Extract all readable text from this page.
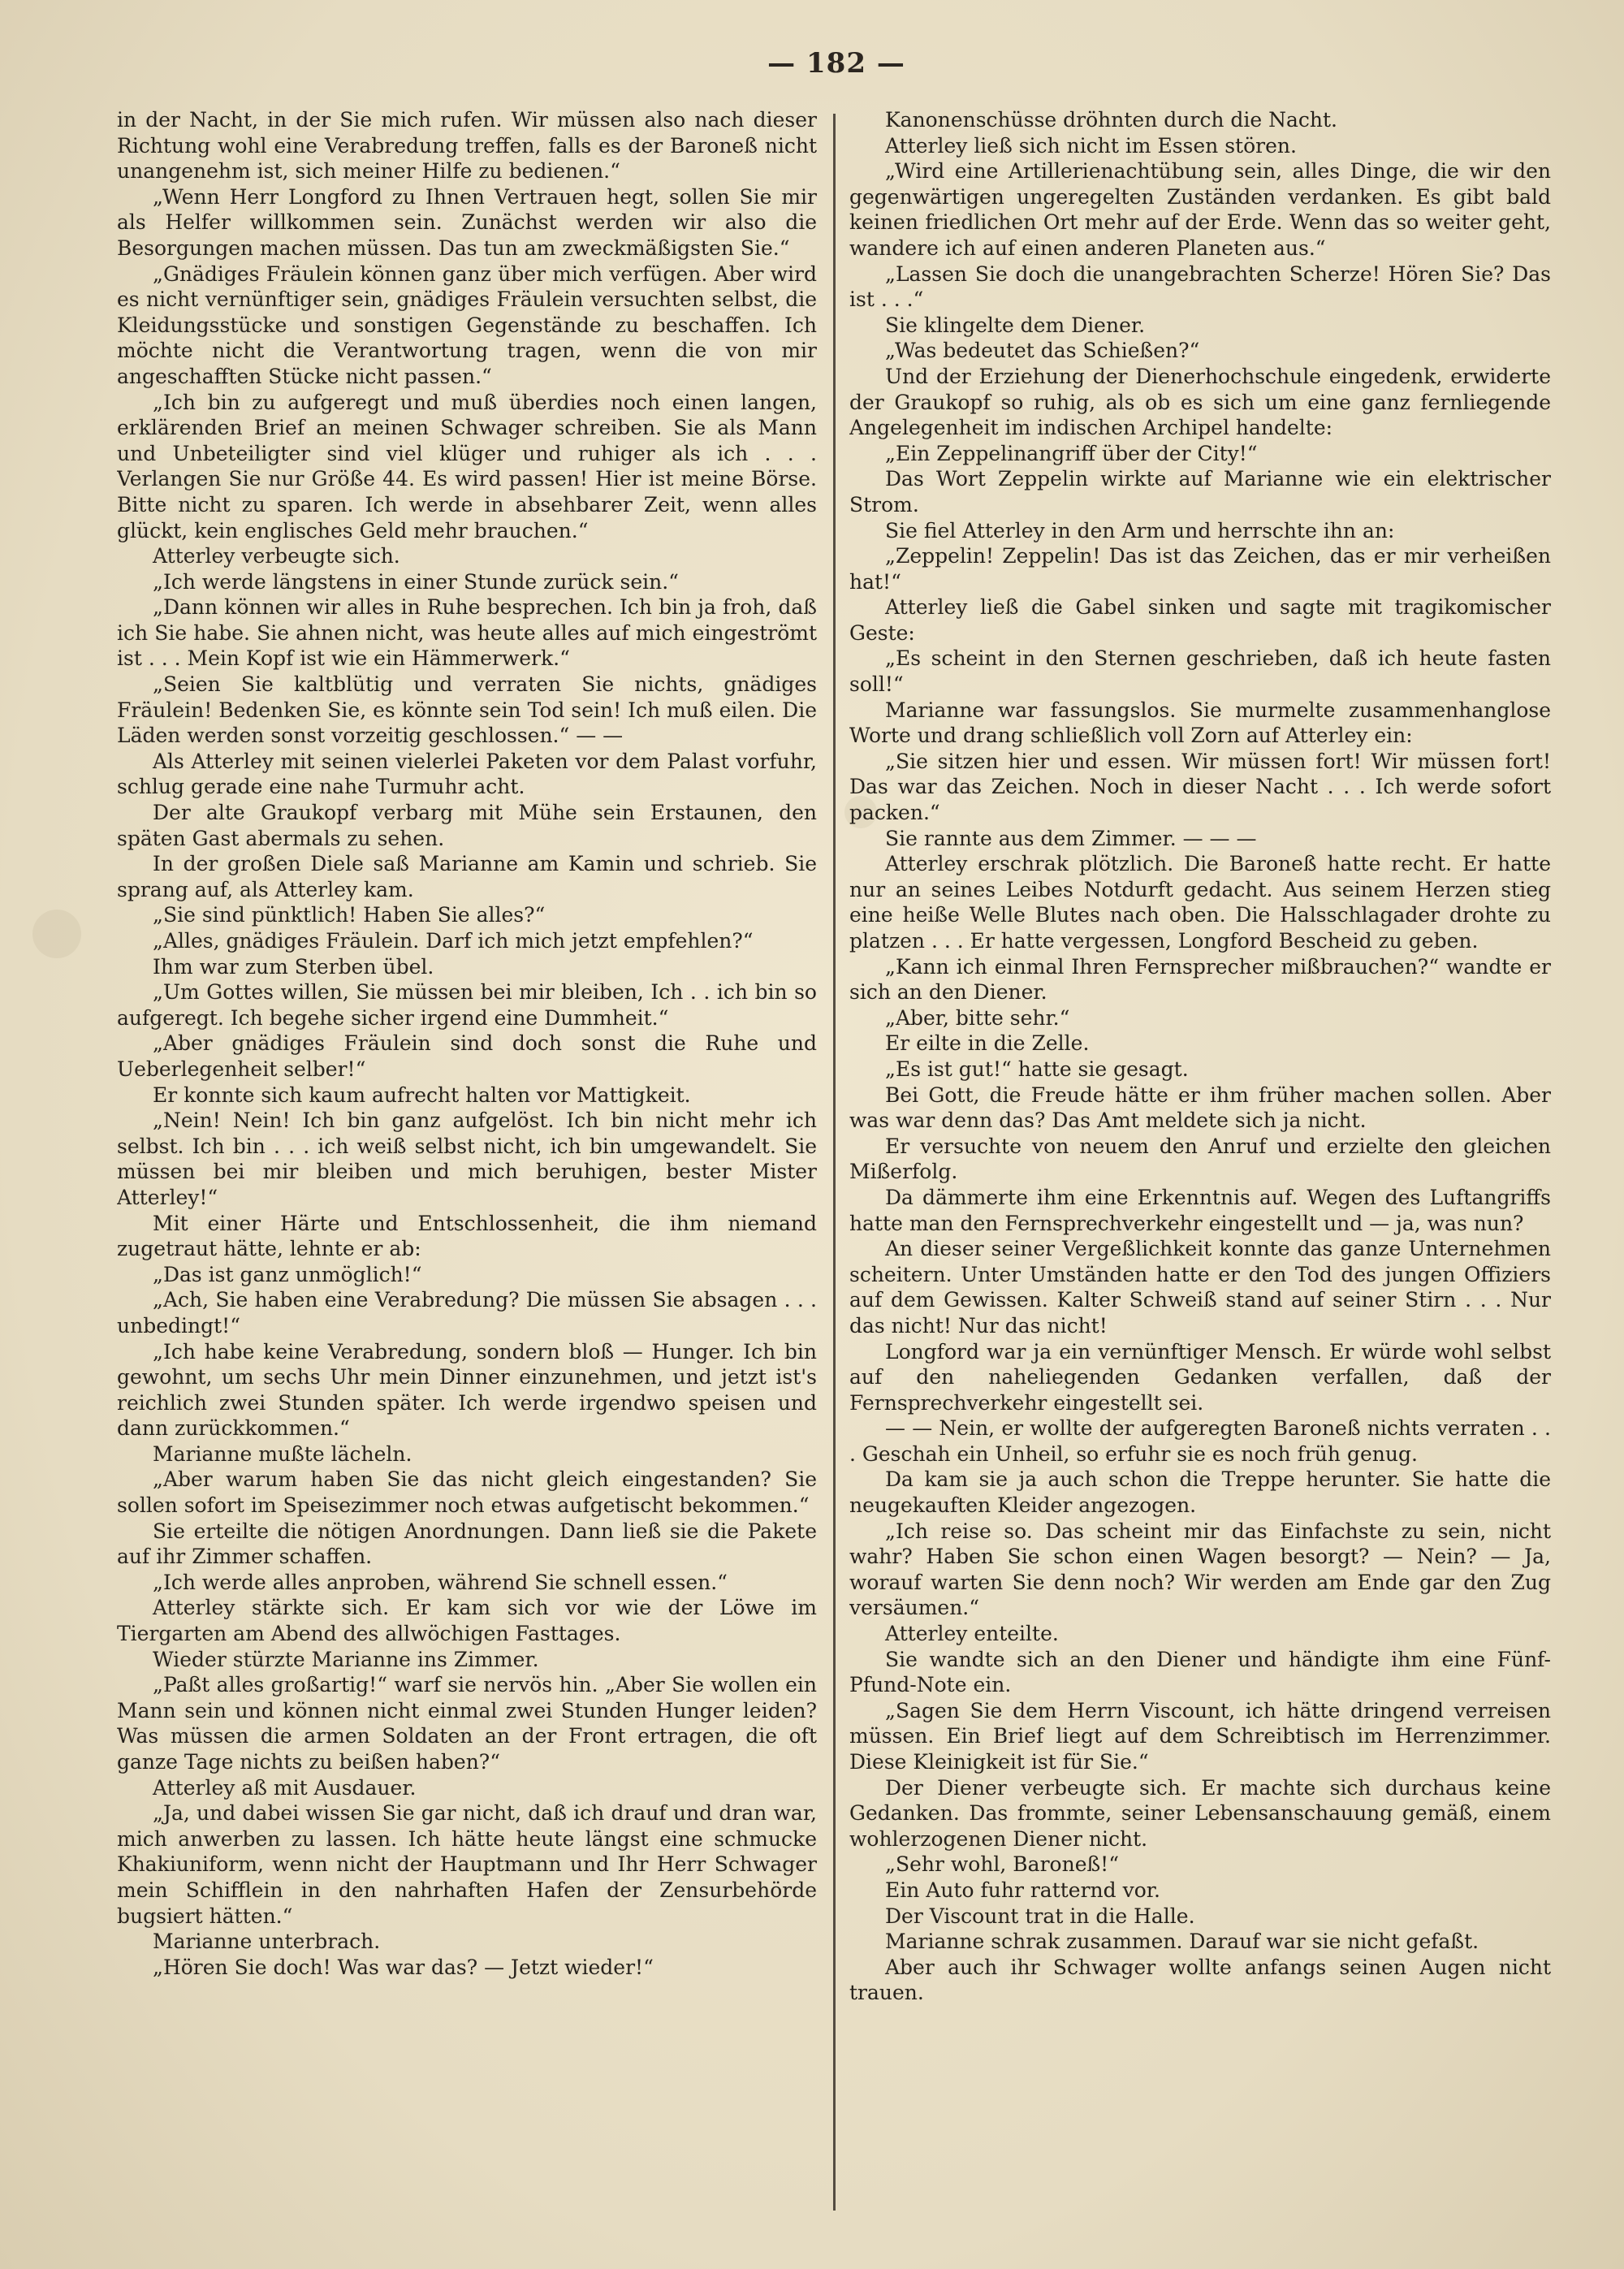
— 182 —

in der Nacht, in der Sie mich rufen. Wir müssen also nach dieser Richtung wohl eine Verabredung treffen, falls es der Baroneß nicht unangenehm ist, sich meiner Hilfe zu bedienen.“

„Wenn Herr Longford zu Ihnen Vertrauen hegt, sollen Sie mir als Helfer willkommen sein. Zunächst werden wir also die Besorgungen machen müssen. Das tun am zweckmäßigsten Sie.“

„Gnädiges Fräulein können ganz über mich verfügen. Aber wird es nicht vernünftiger sein, gnädiges Fräulein versuchten selbst, die Kleidungsstücke und sonstigen Gegenstände zu beschaffen. Ich möchte nicht die Verantwortung tragen, wenn die von mir angeschafften Stücke nicht passen.“

„Ich bin zu aufgeregt und muß überdies noch einen langen, erklärenden Brief an meinen Schwager schreiben. Sie als Mann und Unbeteiligter sind viel klüger und ruhiger als ich . . . Verlangen Sie nur Größe 44. Es wird passen! Hier ist meine Börse. Bitte nicht zu sparen. Ich werde in absehbarer Zeit, wenn alles glückt, kein englisches Geld mehr brauchen.“

Atterley verbeugte sich.

„Ich werde längstens in einer Stunde zurück sein.“

„Dann können wir alles in Ruhe besprechen. Ich bin ja froh, daß ich Sie habe. Sie ahnen nicht, was heute alles auf mich eingeströmt ist . . . Mein Kopf ist wie ein Hämmerwerk.“

„Seien Sie kaltblütig und verraten Sie nichts, gnädiges Fräulein! Bedenken Sie, es könnte sein Tod sein! Ich muß eilen. Die Läden werden sonst vorzeitig geschlossen.“ — —

Als Atterley mit seinen vielerlei Paketen vor dem Palast vorfuhr, schlug gerade eine nahe Turmuhr acht.

Der alte Graukopf verbarg mit Mühe sein Erstaunen, den späten Gast abermals zu sehen.

In der großen Diele saß Marianne am Kamin und schrieb. Sie sprang auf, als Atterley kam.

„Sie sind pünktlich! Haben Sie alles?“

„Alles, gnädiges Fräulein. Darf ich mich jetzt empfehlen?“

Ihm war zum Sterben übel.

„Um Gottes willen, Sie müssen bei mir bleiben, Ich . . ich bin so aufgeregt. Ich begehe sicher irgend eine Dummheit.“

„Aber gnädiges Fräulein sind doch sonst die Ruhe und Ueberlegenheit selber!“

Er konnte sich kaum aufrecht halten vor Mattigkeit.

„Nein! Nein! Ich bin ganz aufgelöst. Ich bin nicht mehr ich selbst. Ich bin . . . ich weiß selbst nicht, ich bin umgewandelt. Sie müssen bei mir bleiben und mich beruhigen, bester Mister Atterley!“

Mit einer Härte und Entschlossenheit, die ihm niemand zugetraut hätte, lehnte er ab:

„Das ist ganz unmöglich!“

„Ach, Sie haben eine Verabredung? Die müssen Sie absagen . . . unbedingt!“

„Ich habe keine Verabredung, sondern bloß — Hunger. Ich bin gewohnt, um sechs Uhr mein Dinner einzunehmen, und jetzt ist's reichlich zwei Stunden später. Ich werde irgendwo speisen und dann zurückkommen.“

Marianne mußte lächeln.

„Aber warum haben Sie das nicht gleich eingestanden? Sie sollen sofort im Speisezimmer noch etwas aufgetischt bekommen.“

Sie erteilte die nötigen Anordnungen. Dann ließ sie die Pakete auf ihr Zimmer schaffen.

„Ich werde alles anproben, während Sie schnell essen.“

Atterley stärkte sich. Er kam sich vor wie der Löwe im Tiergarten am Abend des allwöchigen Fasttages.

Wieder stürzte Marianne ins Zimmer.

„Paßt alles großartig!“ warf sie nervös hin. „Aber Sie wollen ein Mann sein und können nicht einmal zwei Stunden Hunger leiden? Was müssen die armen Soldaten an der Front ertragen, die oft ganze Tage nichts zu beißen haben?“

Atterley aß mit Ausdauer.

„Ja, und dabei wissen Sie gar nicht, daß ich drauf und dran war, mich anwerben zu lassen. Ich hätte heute längst eine schmucke Khakiuniform, wenn nicht der Hauptmann und Ihr Herr Schwager mein Schifflein in den nahrhaften Hafen der Zensurbehörde bugsiert hätten.“

Marianne unterbrach.

„Hören Sie doch! Was war das? — Jetzt wieder!“

Kanonenschüsse dröhnten durch die Nacht.

Atterley ließ sich nicht im Essen stören.

„Wird eine Artillerienachtübung sein, alles Dinge, die wir den gegenwärtigen ungeregelten Zuständen verdanken. Es gibt bald keinen friedlichen Ort mehr auf der Erde. Wenn das so weiter geht, wandere ich auf einen anderen Planeten aus.“

„Lassen Sie doch die unangebrachten Scherze! Hören Sie? Das ist . . .“

Sie klingelte dem Diener.

„Was bedeutet das Schießen?“

Und der Erziehung der Dienerhochschule eingedenk, erwiderte der Graukopf so ruhig, als ob es sich um eine ganz fernliegende Angelegenheit im indischen Archipel handelte:

„Ein Zeppelinangriff über der City!“

Das Wort Zeppelin wirkte auf Marianne wie ein elektrischer Strom.

Sie fiel Atterley in den Arm und herrschte ihn an:

„Zeppelin! Zeppelin! Das ist das Zeichen, das er mir verheißen hat!“

Atterley ließ die Gabel sinken und sagte mit tragikomischer Geste:

„Es scheint in den Sternen geschrieben, daß ich heute fasten soll!“

Marianne war fassungslos. Sie murmelte zusammenhanglose Worte und drang schließlich voll Zorn auf Atterley ein:

„Sie sitzen hier und essen. Wir müssen fort! Wir müssen fort! Das war das Zeichen. Noch in dieser Nacht . . . Ich werde sofort packen.“

Sie rannte aus dem Zimmer. — — —

Atterley erschrak plötzlich. Die Baroneß hatte recht. Er hatte nur an seines Leibes Notdurft gedacht. Aus seinem Herzen stieg eine heiße Welle Blutes nach oben. Die Halsschlagader drohte zu platzen . . . Er hatte vergessen, Longford Bescheid zu geben.

„Kann ich einmal Ihren Fernsprecher mißbrauchen?“ wandte er sich an den Diener.

„Aber, bitte sehr.“

Er eilte in die Zelle.

„Es ist gut!“ hatte sie gesagt.

Bei Gott, die Freude hätte er ihm früher machen sollen. Aber was war denn das? Das Amt meldete sich ja nicht.

Er versuchte von neuem den Anruf und erzielte den gleichen Mißerfolg.

Da dämmerte ihm eine Erkenntnis auf. Wegen des Luftangriffs hatte man den Fernsprechverkehr eingestellt und — ja, was nun?

An dieser seiner Vergeßlichkeit konnte das ganze Unternehmen scheitern. Unter Umständen hatte er den Tod des jungen Offiziers auf dem Gewissen. Kalter Schweiß stand auf seiner Stirn . . . Nur das nicht! Nur das nicht!

Longford war ja ein vernünftiger Mensch. Er würde wohl selbst auf den naheliegenden Gedanken verfallen, daß der Fernsprechverkehr eingestellt sei.

— — Nein, er wollte der aufgeregten Baroneß nichts verraten . . . Geschah ein Unheil, so erfuhr sie es noch früh genug.

Da kam sie ja auch schon die Treppe herunter. Sie hatte die neugekauften Kleider angezogen.

„Ich reise so. Das scheint mir das Einfachste zu sein, nicht wahr? Haben Sie schon einen Wagen besorgt? — Nein? — Ja, worauf warten Sie denn noch? Wir werden am Ende gar den Zug versäumen.“

Atterley enteilte.

Sie wandte sich an den Diener und händigte ihm eine Fünf-Pfund-Note ein.

„Sagen Sie dem Herrn Viscount, ich hätte dringend verreisen müssen. Ein Brief liegt auf dem Schreibtisch im Herrenzimmer. Diese Kleinigkeit ist für Sie.“

Der Diener verbeugte sich. Er machte sich durchaus keine Gedanken. Das frommte, seiner Lebensanschauung gemäß, einem wohlerzogenen Diener nicht.

„Sehr wohl, Baroneß!“

Ein Auto fuhr ratternd vor.

Der Viscount trat in die Halle.

Marianne schrak zusammen. Darauf war sie nicht gefaßt.

Aber auch ihr Schwager wollte anfangs seinen Augen nicht trauen.
